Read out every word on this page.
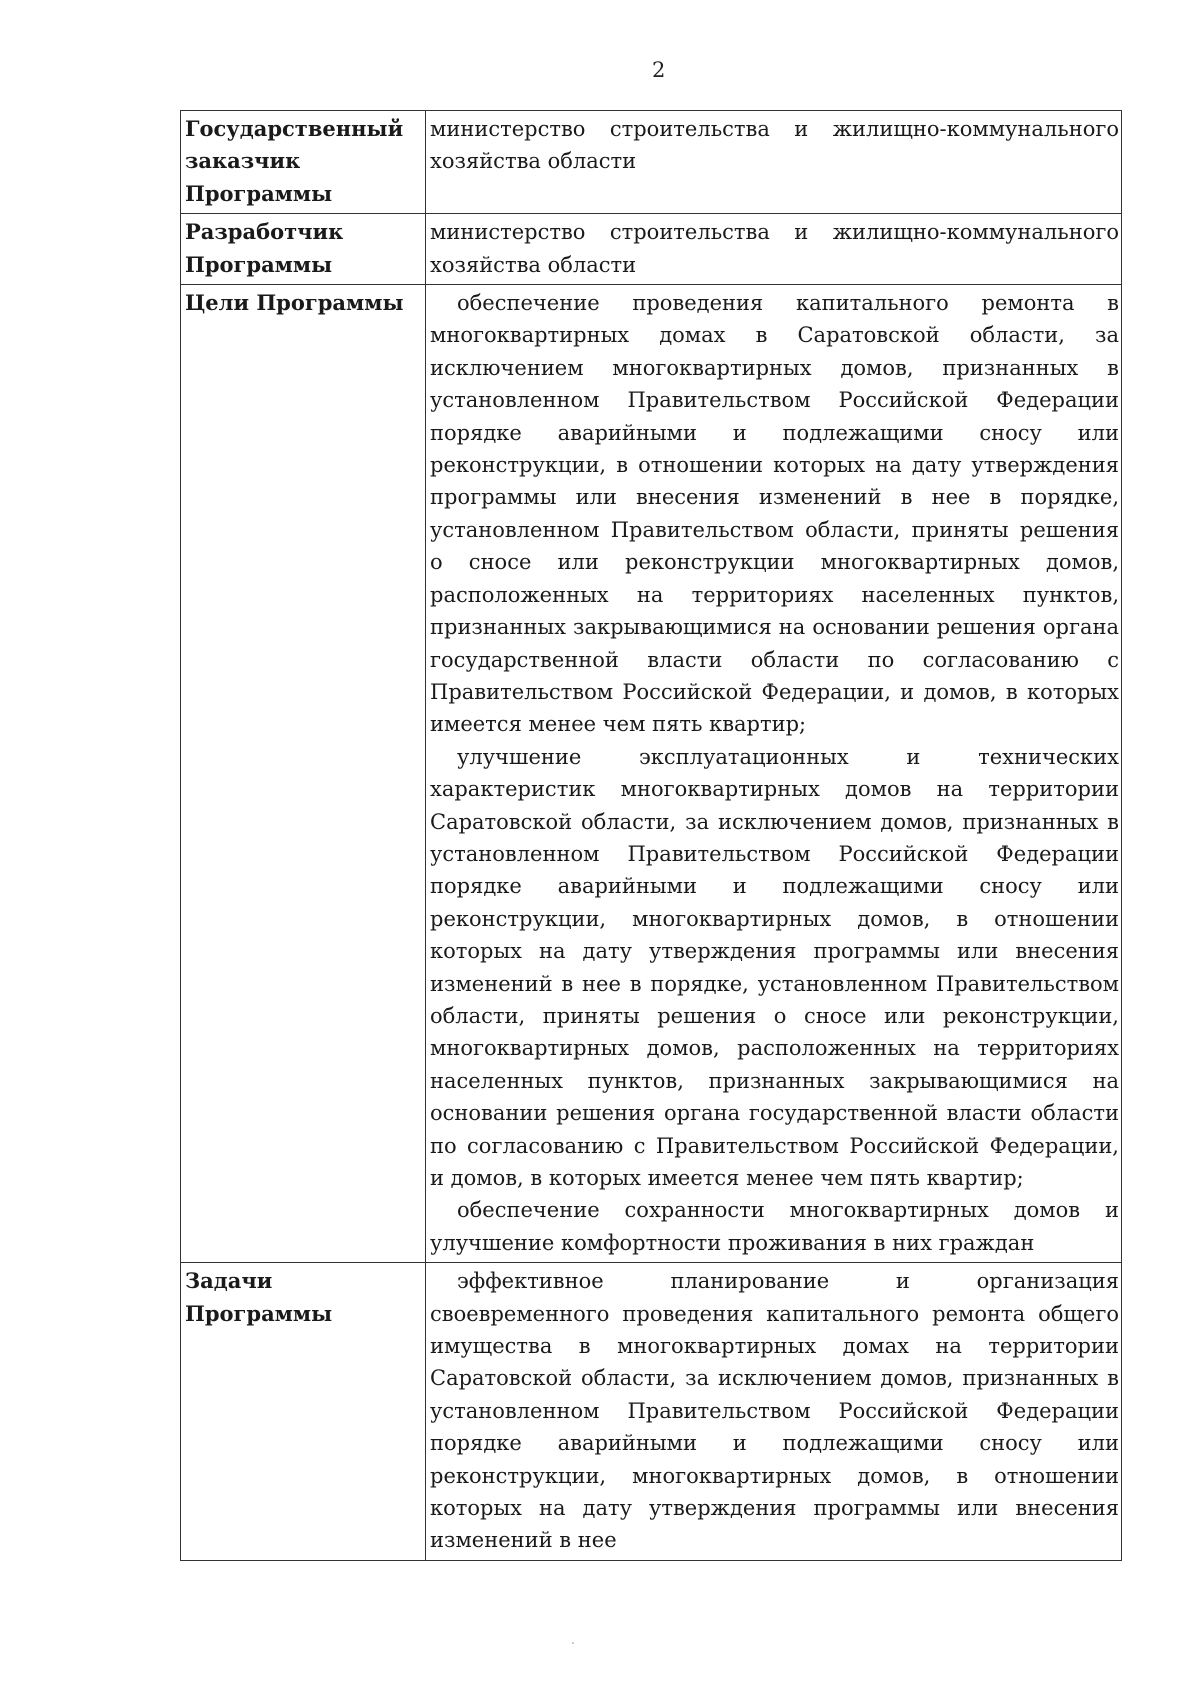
2
Государственный
заказчик
Программы	министерство строительства и жилищно-коммунального хозяйства области

Разработчик
Программы	министерство строительства и жилищно-коммунального хозяйства области

Цели Программы	обеспечение проведения капитального ремонта в многоквартирных домах в Саратовской области, за исключением многоквартирных домов, признанных в установленном Правительством Российской Федерации порядке аварийными и подлежащими сносу или реконструкции, в отношении которых на дату утверждения программы или внесения изменений в нее в порядке, установленном Правительством области, приняты решения о сносе или реконструкции многоквартирных домов, расположенных на территориях населенных пунктов, признанных закрывающимися на основании решения органа государственной власти области по согласованию с Правительством Российской Федерации, и домов, в которых имеется менее чем пять квартир;

улучшение эксплуатационных и технических характеристик многоквартирных домов на территории Саратовской области, за исключением домов, признанных в установленном Правительством Российской Федерации порядке аварийными и подлежащими сносу или реконструкции, многоквартирных домов, в отношении которых на дату утверждения программы или внесения изменений в нее в порядке, установленном Правительством области, приняты решения о сносе или реконструкции, многоквартирных домов, расположенных на территориях населенных пунктов, признанных закрывающимися на основании решения органа государственной власти области по согласованию с Правительством Российской Федерации, и домов, в которых имеется менее чем пять квартир;

обеспечение сохранности многоквартирных домов и улучшение комфортности проживания в них граждан

Задачи
Программы	эффективное планирование и организация своевременного проведения капитального ремонта общего имущества в многоквартирных домах на территории Саратовской области, за исключением домов, признанных в установленном Правительством Российской Федерации порядке аварийными и подлежащими сносу или реконструкции, многоквартирных домов, в отношении которых на дату утверждения программы или внесения изменений в нее
